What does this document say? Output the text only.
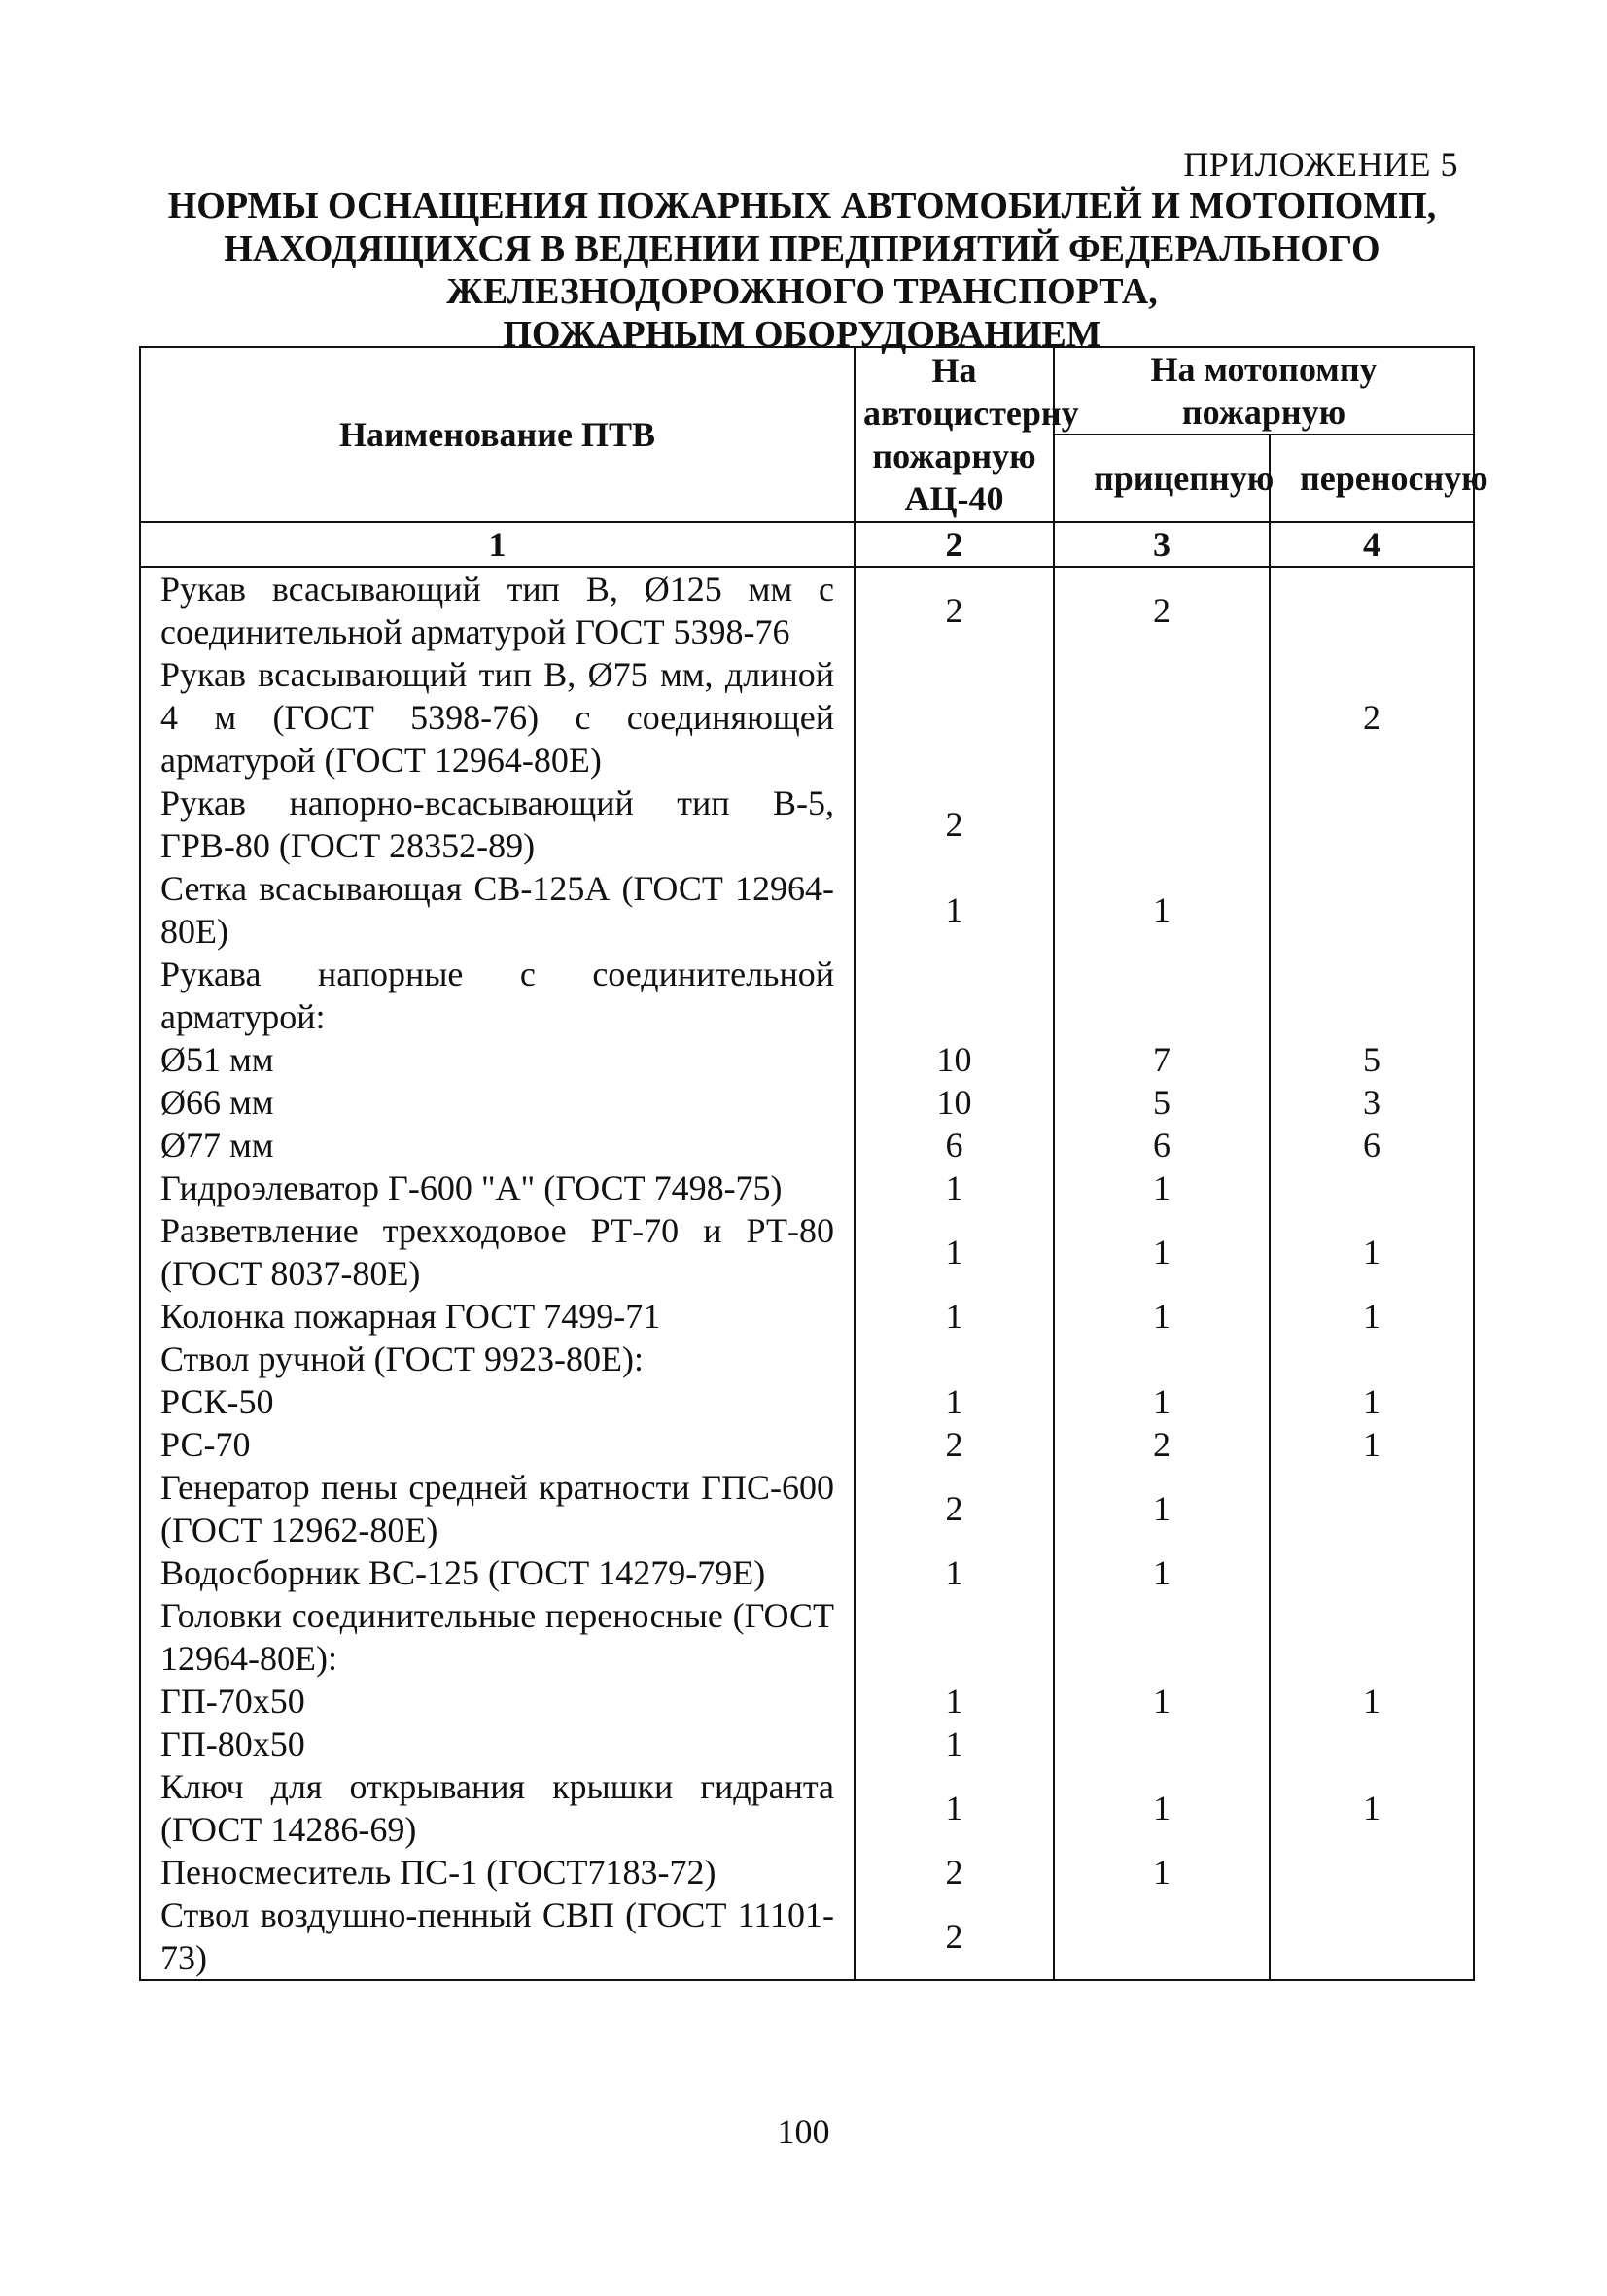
ПРИЛОЖЕНИЕ 5
НОРМЫ ОСНАЩЕНИЯ ПОЖАРНЫХ АВТОМОБИЛЕЙ И МОТОПОМП,
НАХОДЯЩИХСЯ В ВЕДЕНИИ ПРЕДПРИЯТИЙ ФЕДЕРАЛЬНОГО
ЖЕЛЕЗНОДОРОЖНОГО ТРАНСПОРТА,
ПОЖАРНЫМ ОБОРУДОВАНИЕМ
Наименование ПТВ	На автоцистерну пожарную АЦ-40	На мотопомпу пожарную	
		прицепную	переносную
1	2	3	4
Рукав всасывающий тип В, Ø125 мм с соединительной арматурой ГОСТ 5398-76	2	2	
Рукав всасывающий тип В, Ø75 мм, длиной 4 м (ГОСТ 5398-76) с соединяющей арматурой (ГОСТ 12964-80Е)			2
Рукав напорно-всасывающий тип В-5, ГРВ-80 (ГОСТ 28352-89)	2		
Сетка всасывающая СВ-125А (ГОСТ 12964-80Е)	1	1	
Рукава напорные с соединительной арматурой:			
Ø51 мм	10	7	5
Ø66 мм	10	5	3
Ø77 мм	6	6	6
Гидроэлеватор Г-600 "А" (ГОСТ 7498-75)	1	1	
Разветвление трехходовое РТ-70 и РТ-80 (ГОСТ 8037-80Е)	1	1	1
Колонка пожарная ГОСТ 7499-71	1	1	1
Ствол ручной (ГОСТ 9923-80Е):			
РСК-50	1	1	1
РС-70	2	2	1
Генератор пены средней кратности ГПС-600 (ГОСТ 12962-80Е)	2	1	
Водосборник ВС-125 (ГОСТ 14279-79Е)	1	1	
Головки соединительные переносные (ГОСТ 12964-80Е):			
ГП-70х50	1	1	1
ГП-80х50	1		
Ключ для открывания крышки гидранта (ГОСТ 14286-69)	1	1	1
Пеносмеситель ПС-1 (ГОСТ7183-72)	2	1	
Ствол воздушно-пенный СВП (ГОСТ 11101-73)	2		
100
